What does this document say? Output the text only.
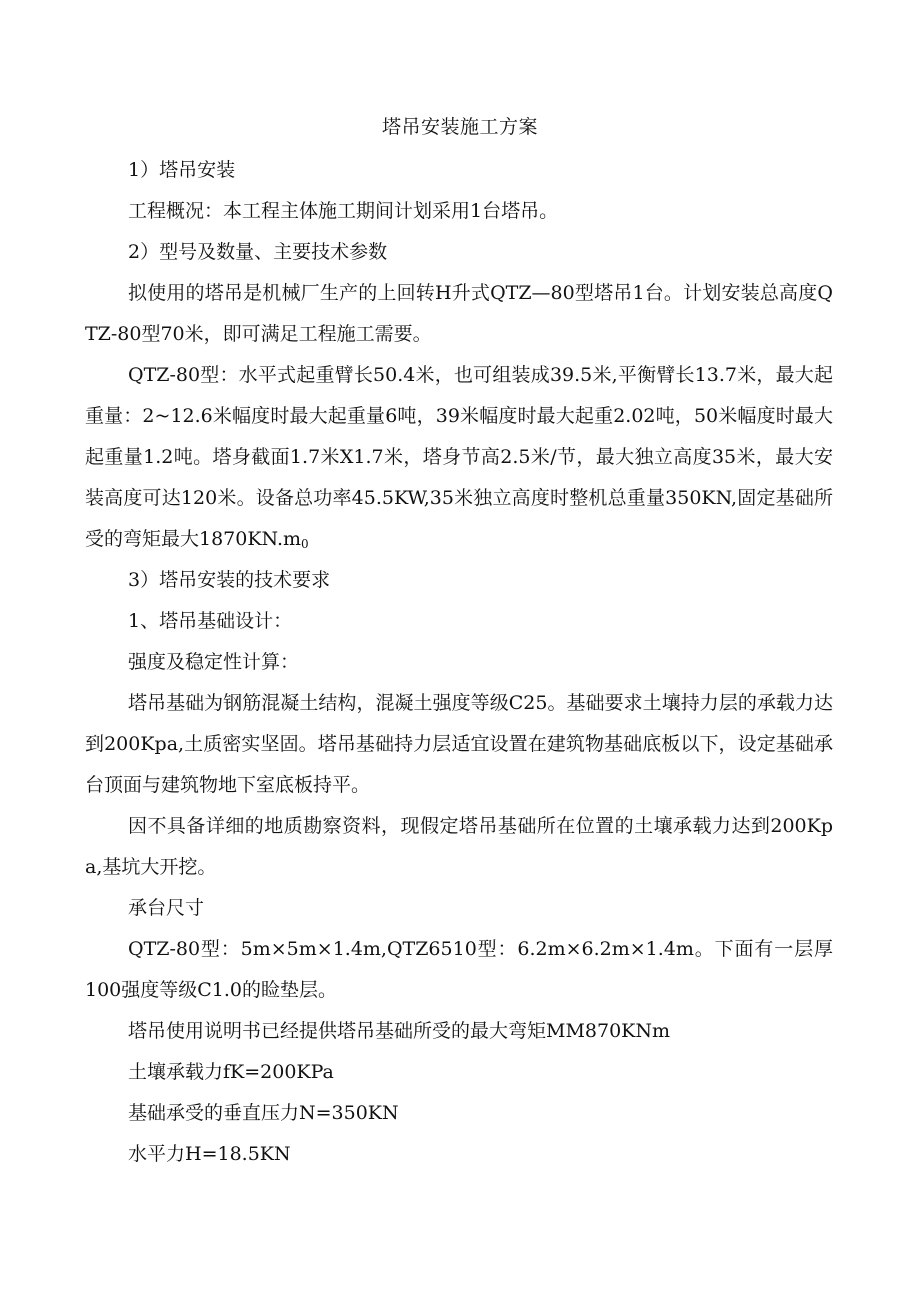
塔吊安装施工方案

1）塔吊安装

工程概况：本工程主体施工期间计划采用1台塔吊。

2）型号及数量、主要技术参数

拟使用的塔吊是机械厂生产的上回转H升式QTZ—80型塔吊1台。计划安装总高度QTZ-80型70米，即可满足工程施工需要。

QTZ-80型：水平式起重臂长50.4米，也可组装成39.5米,平衡臂长13.7米，最大起重量：2~12.6米幅度时最大起重量6吨，39米幅度时最大起重2.02吨，50米幅度时最大起重量1.2吨。塔身截面1.7米X1.7米，塔身节高2.5米/节，最大独立高度35米，最大安装高度可达120米。设备总功率45.5KW,35米独立高度时整机总重量350KN,固定基础所受的弯矩最大$1870KN.m_0$

3）塔吊安装的技术要求

1、塔吊基础设计：

强度及稳定性计算：

塔吊基础为钢筋混凝土结构，混凝土强度等级C25。基础要求土壤持力层的承载力达到200Kpa,土质密实坚固。塔吊基础持力层适宜设置在建筑物基础底板以下，设定基础承台顶面与建筑物地下室底板持平。

因不具备详细的地质勘察资料，现假定塔吊基础所在位置的土壤承载力达到200Kpa,基坑大开挖。

承台尺寸

QTZ-80型：5m×5m×1.4m,QTZ6510型：6.2m×6.2m×1.4m。下面有一层厚100强度等级C1.0的睑垫层。

塔吊使用说明书已经提供塔吊基础所受的最大弯矩MM870KNm

土壤承载力fK=200KPa

基础承受的垂直压力N=350KN

水平力H=18.5KN
